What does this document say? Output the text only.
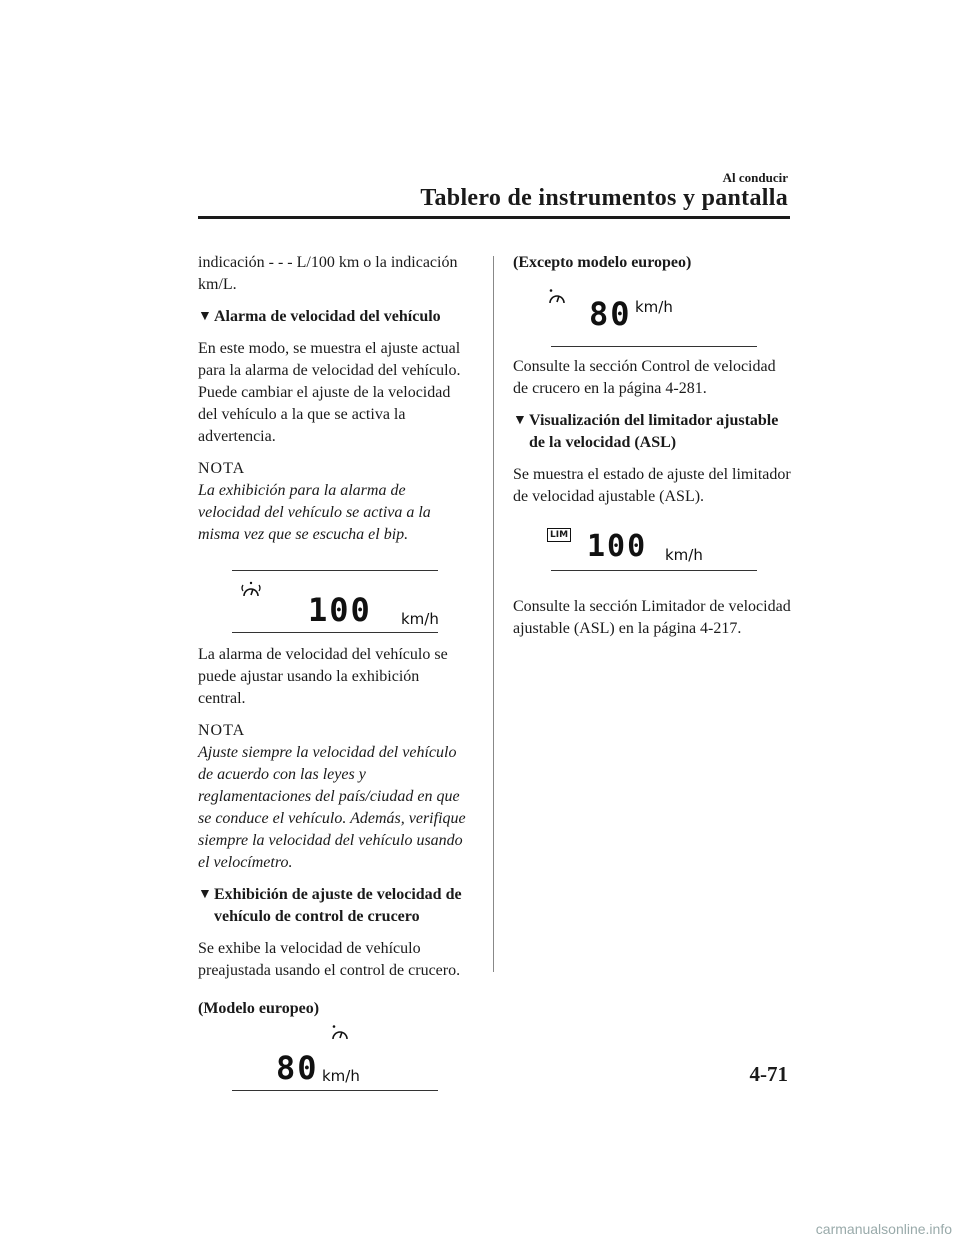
Al conducir
Tablero de instrumentos y pantalla

indicación - - - L/100 km o la indicación km/L.

▼ Alarma de velocidad del vehículo

En este modo, se muestra el ajuste actual para la alarma de velocidad del vehículo. Puede cambiar el ajuste de la velocidad del vehículo a la que se activa la advertencia.

NOTA
La exhibición para la alarma de velocidad del vehículo se activa a la misma vez que se escucha el bip.
100 km/h

La alarma de velocidad del vehículo se puede ajustar usando la exhibición central.

NOTA
Ajuste siempre la velocidad del vehículo de acuerdo con las leyes y reglamentaciones del país/ciudad en que se conduce el vehículo. Además, verifique siempre la velocidad del vehículo usando el velocímetro.
▼ Exhibición de ajuste de velocidad de vehículo de control de crucero

Se exhibe la velocidad de vehículo preajustada usando el control de crucero.

(Modelo europeo)

80 km/h

(Excepto modelo europeo)

80 km/h

Consulte la sección Control de velocidad de crucero en la página 4-281.

▼ Visualización del limitador ajustable de la velocidad (ASL)

Se muestra el estado de ajuste del limitador de velocidad ajustable (ASL).

LIM 100 km/h

Consulte la sección Limitador de velocidad ajustable (ASL) en la página 4-217.

4-71
carmanualsonline.info
